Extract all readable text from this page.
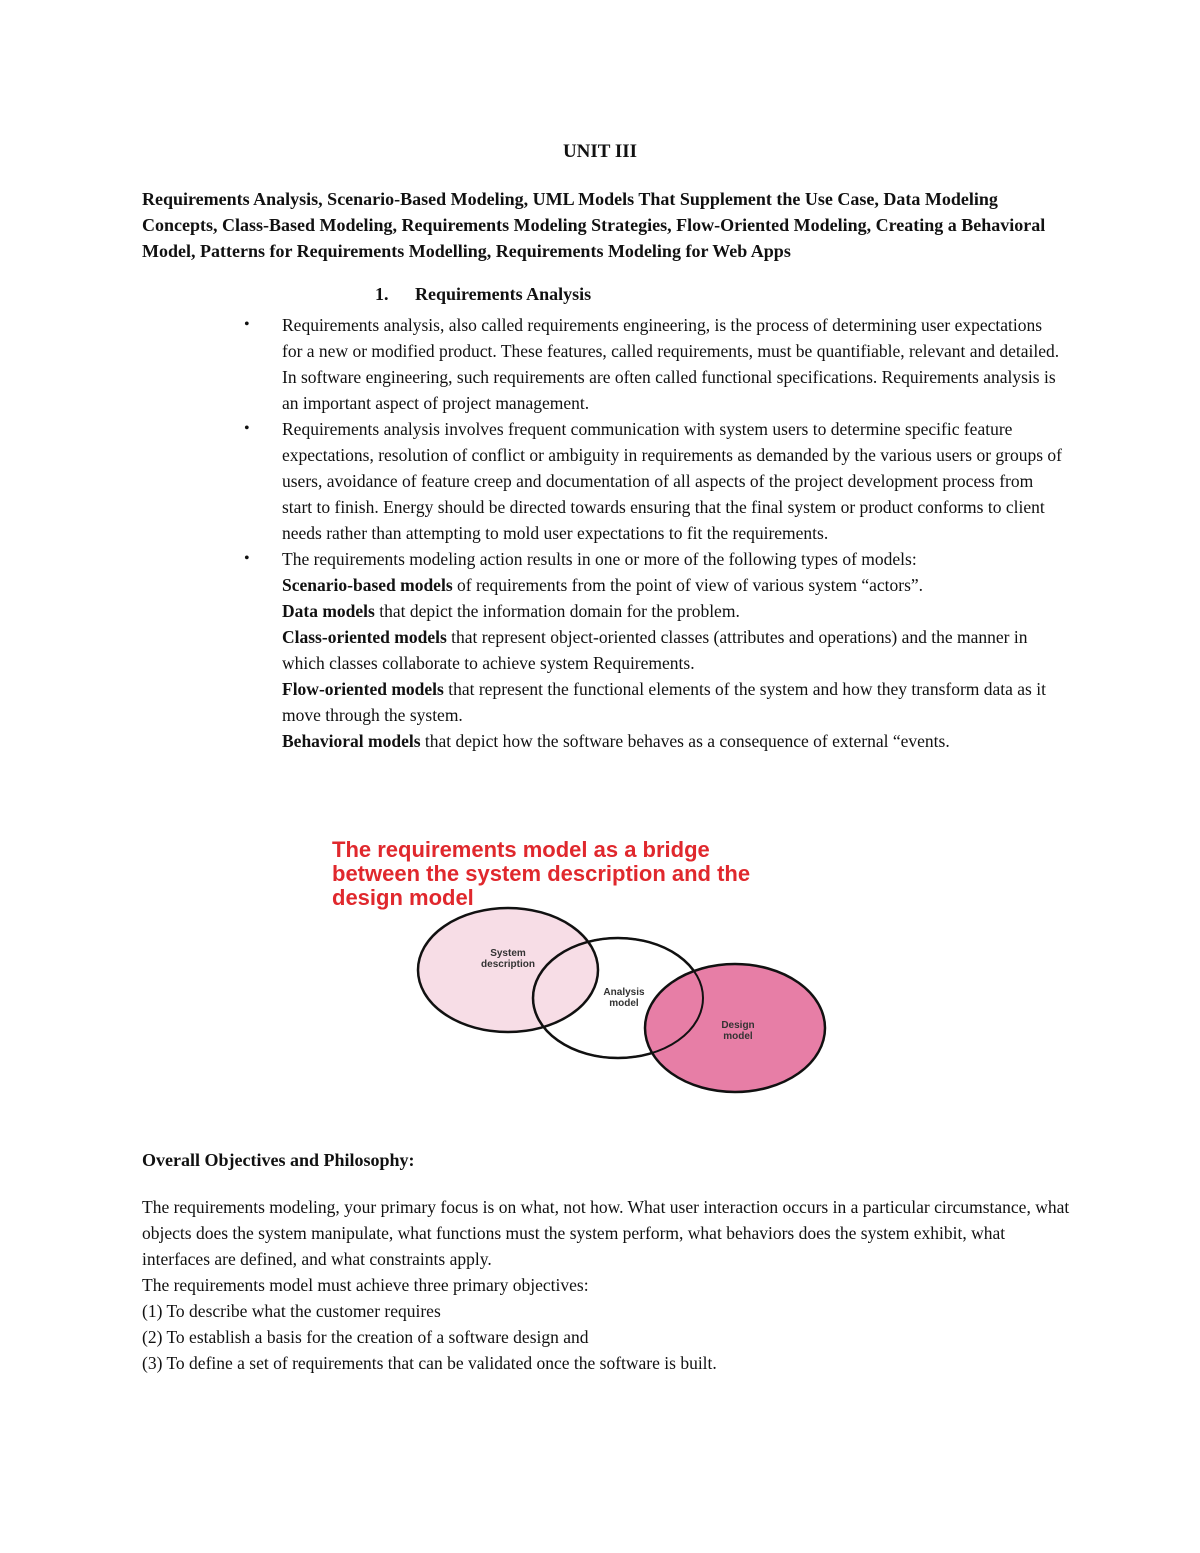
UNIT III
Requirements Analysis, Scenario-Based Modeling, UML Models That Supplement the Use Case, Data Modeling Concepts, Class-Based Modeling, Requirements Modeling Strategies, Flow-Oriented Modeling, Creating a Behavioral Model, Patterns for Requirements Modelling, Requirements Modeling for Web Apps
1. Requirements Analysis
• Requirements analysis, also called requirements engineering, is the process of determining user expectations for a new or modified product. These features, called requirements, must be quantifiable, relevant and detailed. In software engineering, such requirements are often called functional specifications. Requirements analysis is an important aspect of project management.
• Requirements analysis involves frequent communication with system users to determine specific feature expectations, resolution of conflict or ambiguity in requirements as demanded by the various users or groups of users, avoidance of feature creep and documentation of all aspects of the project development process from start to finish. Energy should be directed towards ensuring that the final system or product conforms to client needs rather than attempting to mold user expectations to fit the requirements.
• The requirements modeling action results in one or more of the following types of models:
Scenario-based models of requirements from the point of view of various system “actors”.
Data models that depict the information domain for the problem.
Class-oriented models that represent object-oriented classes (attributes and operations) and the manner in which classes collaborate to achieve system Requirements.
Flow-oriented models that represent the functional elements of the system and how they transform data as it move through the system.
Behavioral models that depict how the software behaves as a consequence of external “events.
System
description
Analysis
model
Design
model
The requirements model as a bridge
between the system description and the
design model
Overall Objectives and Philosophy:

The requirements modeling, your primary focus is on what, not how. What user interaction occurs in a particular circumstance, what objects does the system manipulate, what functions must the system perform, what behaviors does the system exhibit, what interfaces are defined, and what constraints apply.

The requirements model must achieve three primary objectives:

(1) To describe what the customer requires

(2) To establish a basis for the creation of a software design and

(3) To define a set of requirements that can be validated once the software is built.
